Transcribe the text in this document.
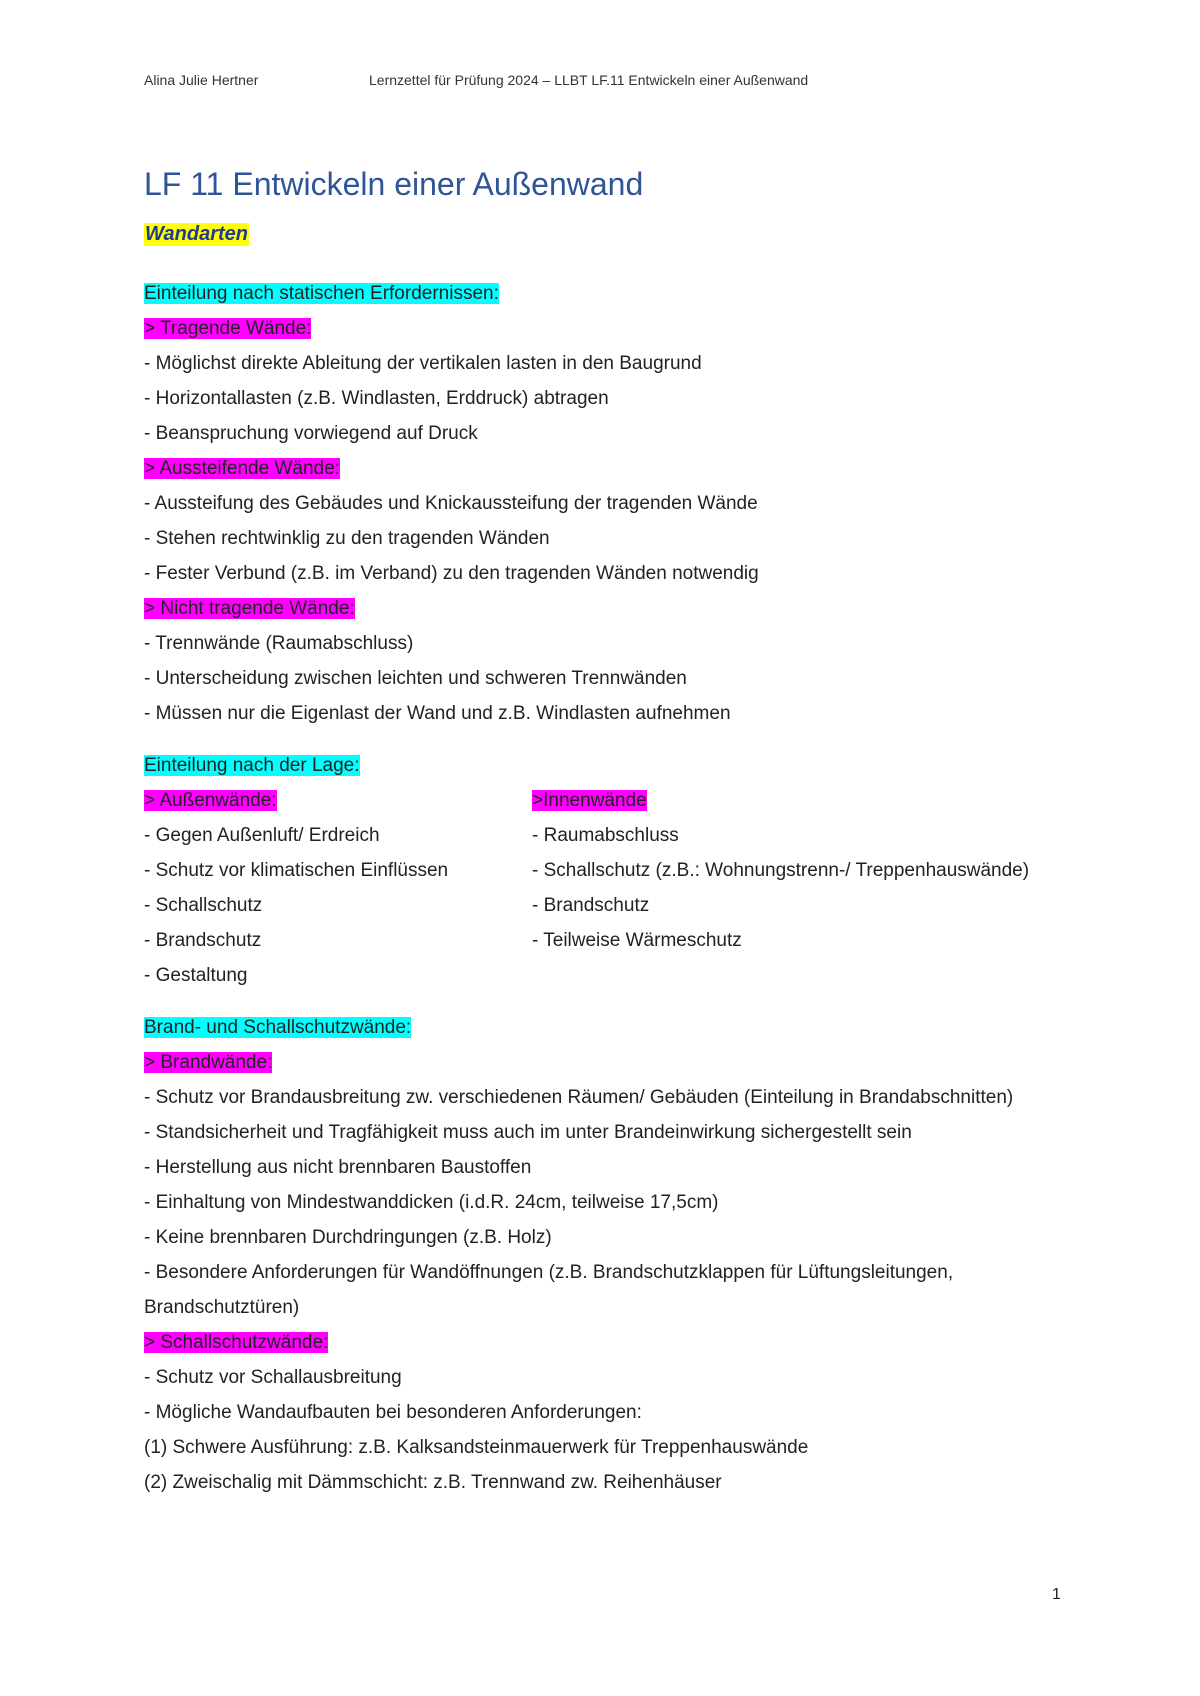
Alina Julie Hertner	Lernzettel für Prüfung 2024 – LLBT LF.11 Entwickeln einer Außenwand
LF 11 Entwickeln einer Außenwand
Wandarten
Einteilung nach statischen Erfordernissen:
> Tragende Wände:
- Möglichst direkte Ableitung der vertikalen lasten in den Baugrund
- Horizontallasten (z.B. Windlasten, Erddruck) abtragen
- Beanspruchung vorwiegend auf Druck
> Aussteifende Wände:
- Aussteifung des Gebäudes und Knickaussteifung der tragenden Wände
- Stehen rechtwinklig zu den tragenden Wänden
- Fester Verbund (z.B. im Verband) zu den tragenden Wänden notwendig
> Nicht tragende Wände:
- Trennwände (Raumabschluss)
- Unterscheidung zwischen leichten und schweren Trennwänden
- Müssen nur die Eigenlast der Wand und z.B. Windlasten aufnehmen
Einteilung nach der Lage:
> Außenwände:
- Gegen Außenluft/ Erdreich
- Schutz vor klimatischen Einflüssen
- Schallschutz
- Brandschutz
- Gestaltung
>Innenwände
- Raumabschluss
- Schallschutz (z.B.: Wohnungstrenn-/ Treppenhauswände)
- Brandschutz
- Teilweise Wärmeschutz
Brand- und Schallschutzwände:
> Brandwände:
- Schutz vor Brandausbreitung zw. verschiedenen Räumen/ Gebäuden (Einteilung in Brandabschnitten)
- Standsicherheit und Tragfähigkeit muss auch im unter Brandeinwirkung sichergestellt sein
- Herstellung aus nicht brennbaren Baustoffen
- Einhaltung von Mindestwanddicken (i.d.R. 24cm, teilweise 17,5cm)
- Keine brennbaren Durchdringungen (z.B. Holz)
- Besondere Anforderungen für Wandöffnungen (z.B. Brandschutzklappen für Lüftungsleitungen, Brandschutztüren)
> Schallschutzwände:
- Schutz vor Schallausbreitung
- Mögliche Wandaufbauten bei besonderen Anforderungen:
(1) Schwere Ausführung: z.B. Kalksandsteinmauerwerk für Treppenhauswände
(2) Zweischalig mit Dämmschicht: z.B. Trennwand zw. Reihenhäuser
1
